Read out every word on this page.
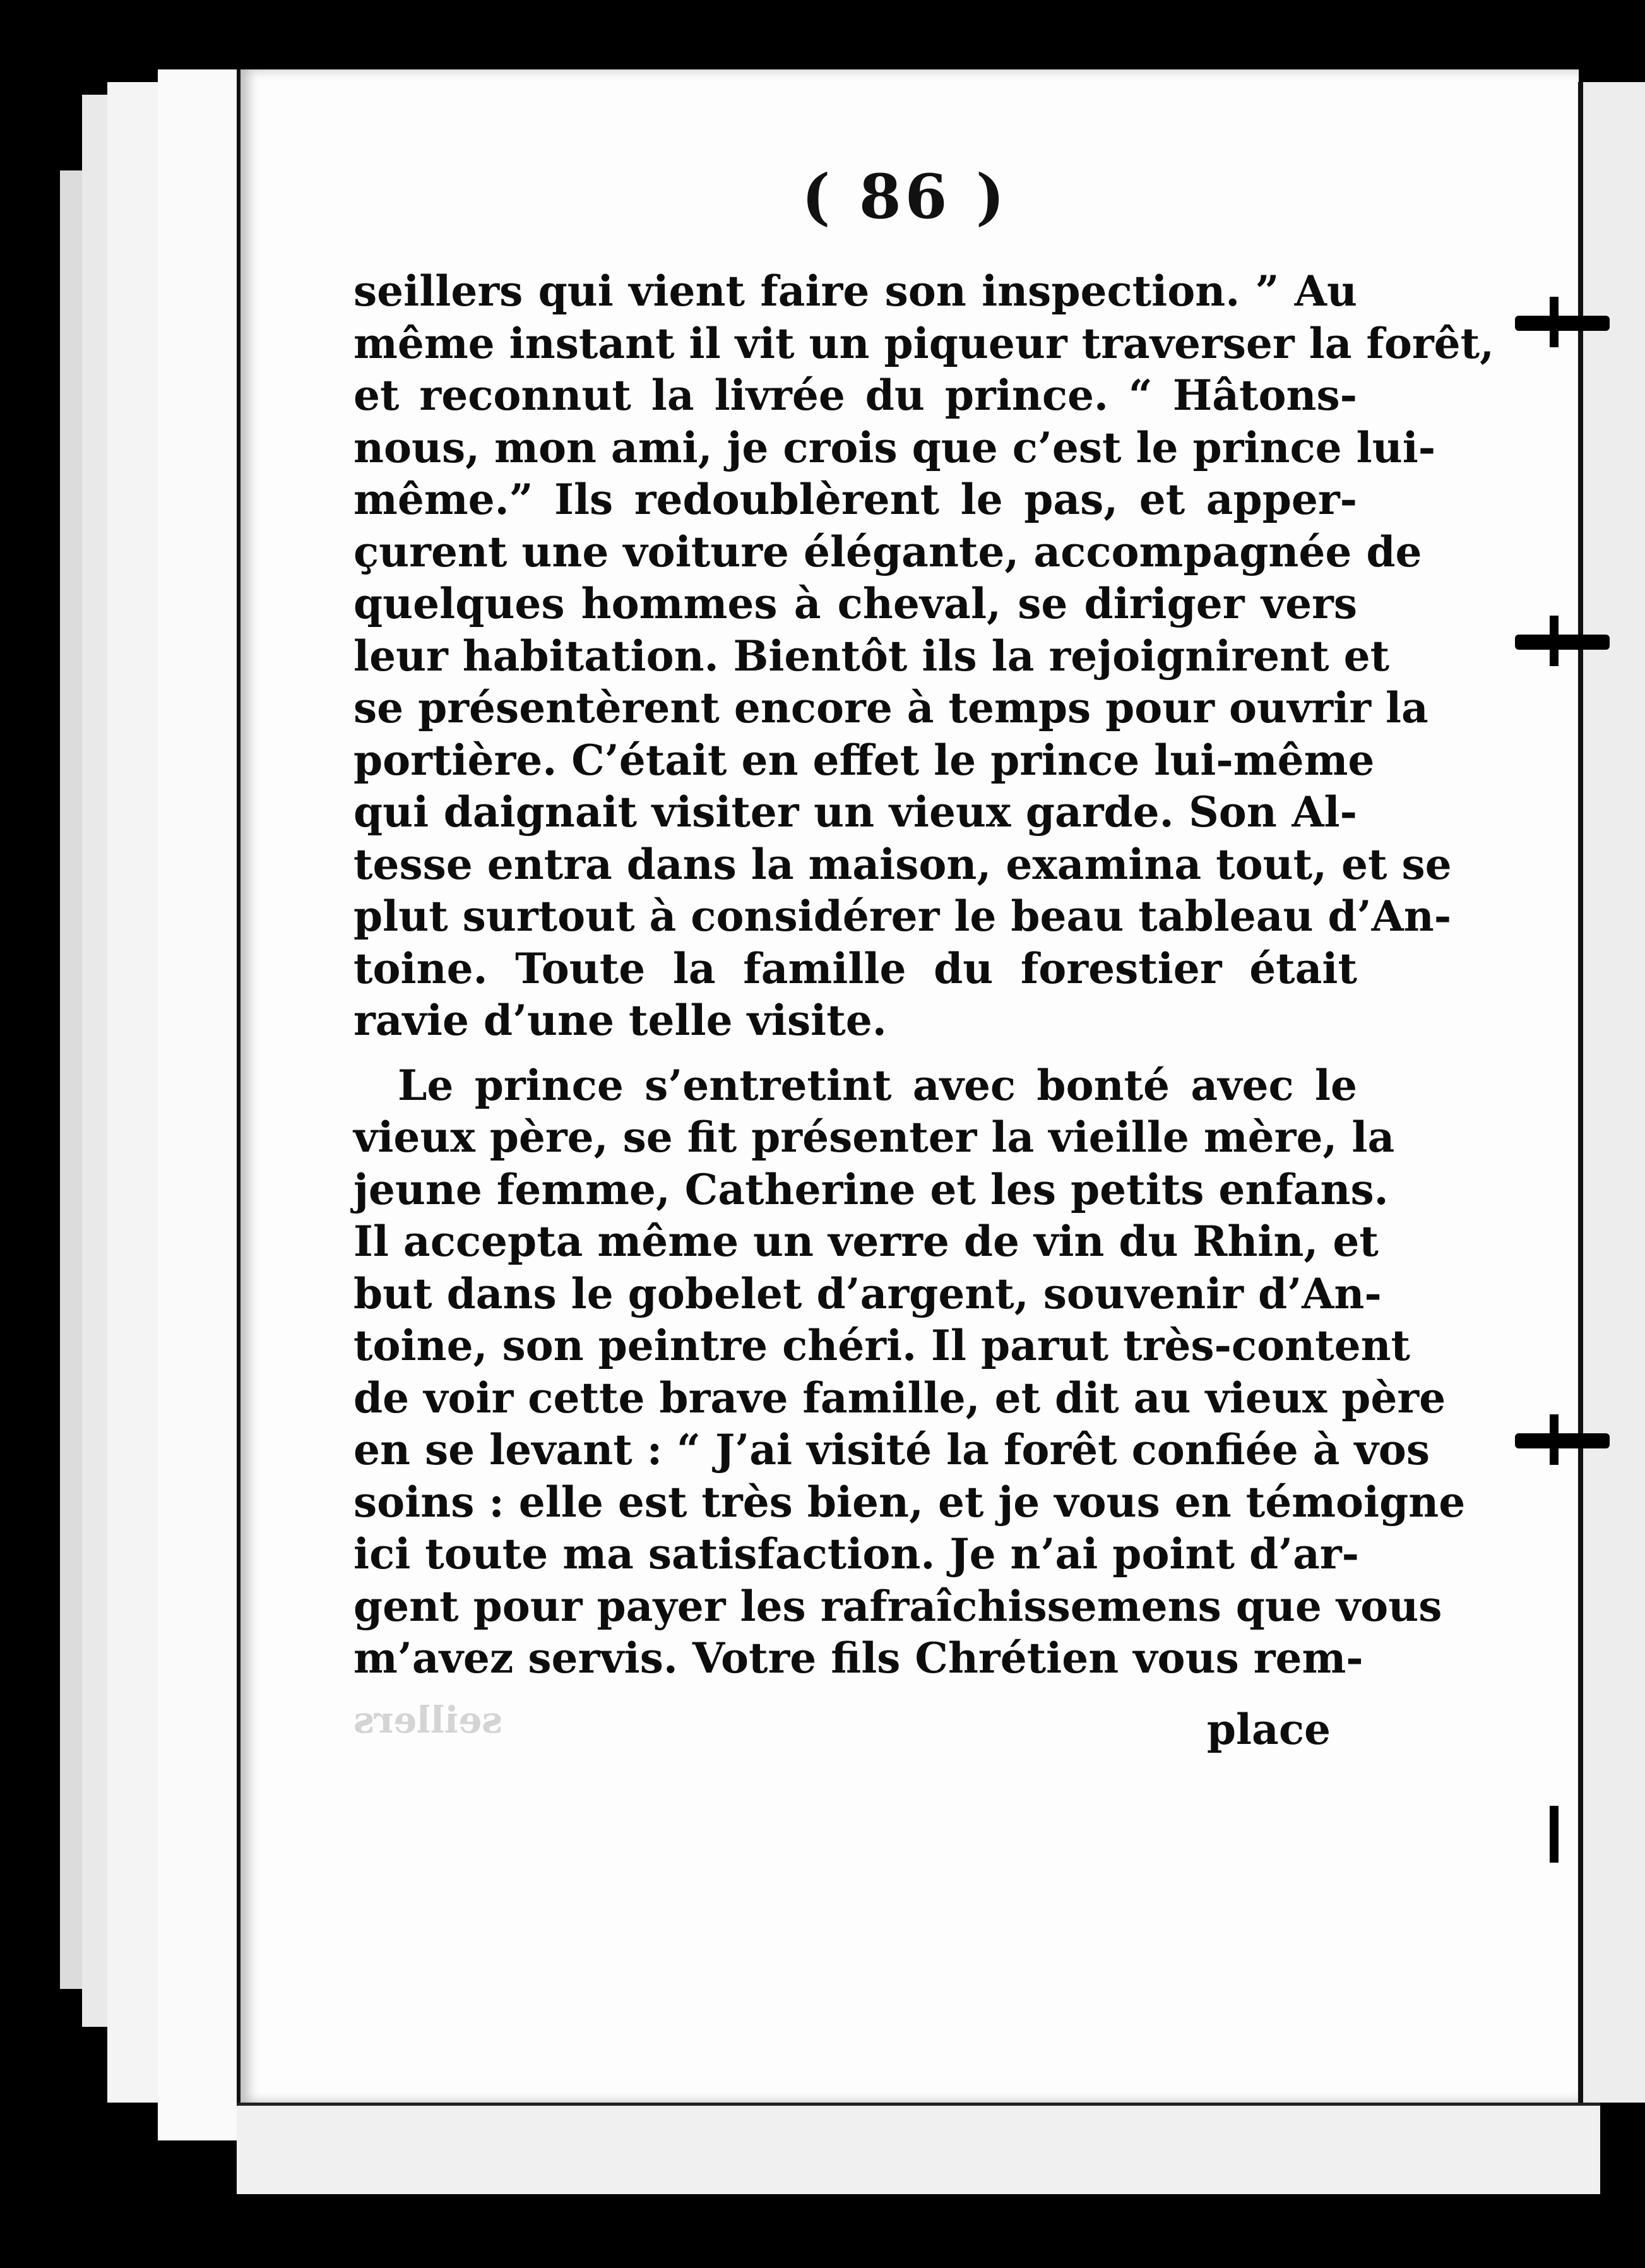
( 86 )
seillers
seillers qui vient faire son inspection. ” Au
même instant il vit un piqueur traverser la forêt,
et reconnut la livrée du prince. “ Hâtons-
nous, mon ami, je crois que c’est le prince lui-
même.” Ils redoublèrent le pas, et apper-
çurent une voiture élégante, accompagnée de
quelques hommes à cheval, se diriger vers
leur habitation. Bientôt ils la rejoignirent et
se présentèrent encore à temps pour ouvrir la
portière. C’était en effet le prince lui-même
qui daignait visiter un vieux garde. Son Al-
tesse entra dans la maison, examina tout, et se
plut surtout à considérer le beau tableau d’An-
toine. Toute la famille du forestier était
ravie d’une telle visite.
Le prince s’entretint avec bonté avec le
vieux père, se fit présenter la vieille mère, la
jeune femme, Catherine et les petits enfans.
Il accepta même un verre de vin du Rhin, et
but dans le gobelet d’argent, souvenir d’An-
toine, son peintre chéri. Il parut très-content
de voir cette brave famille, et dit au vieux père
en se levant : “ J’ai visité la forêt confiée à vos
soins : elle est très bien, et je vous en témoigne
ici toute ma satisfaction. Je n’ai point d’ar-
gent pour payer les rafraîchissemens que vous
m’avez servis. Votre fils Chrétien vous rem-
place
